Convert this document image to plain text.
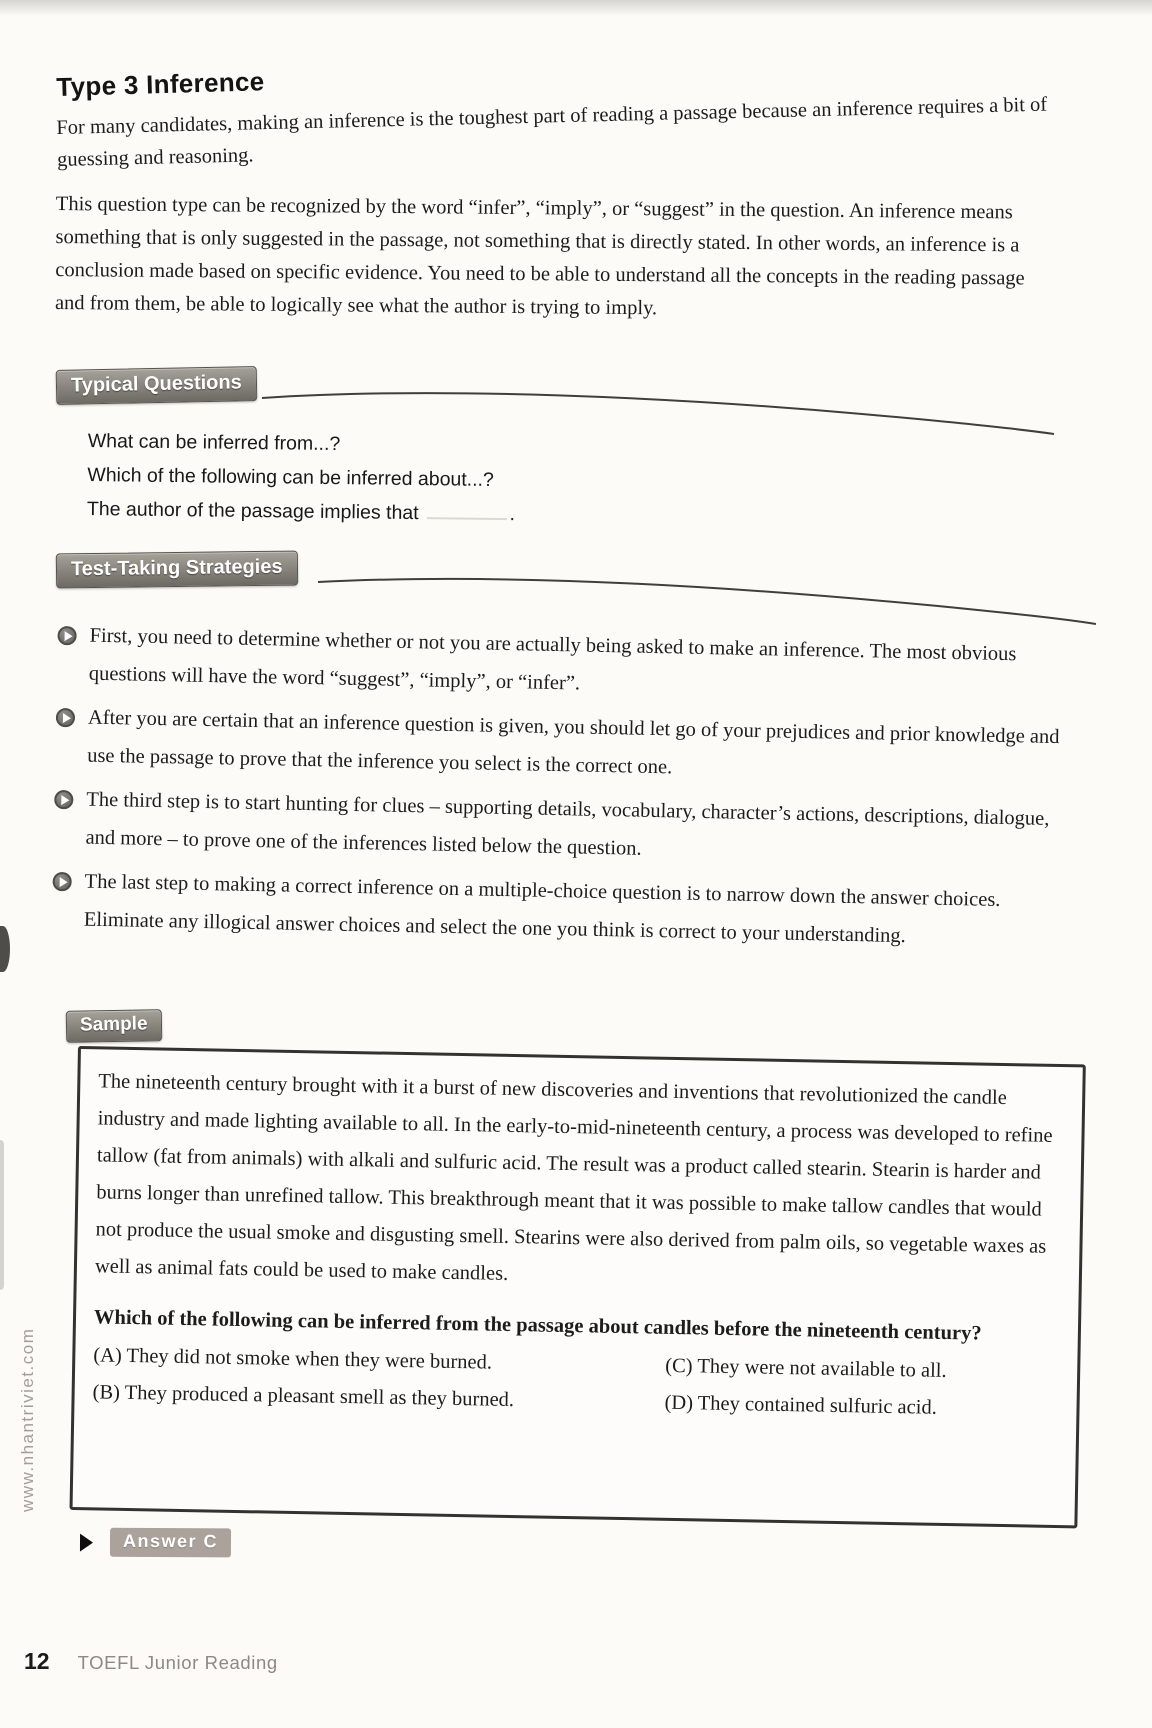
Type 3 Inference
For many candidates, making an inference is the toughest part of reading a passage because an inference requires a bit of guessing and reasoning.
This question type can be recognized by the word “infer”, “imply”, or “suggest” in the question. An inference means something that is only suggested in the passage, not something that is directly stated. In other words, an inference is a conclusion made based on specific evidence. You need to be able to understand all the concepts in the reading passage and from them, be able to logically see what the author is trying to imply.
Typical Questions
What can be inferred from...?
Which of the following can be inferred about...?
The author of the passage implies that	.
Test-Taking Strategies
First, you need to determine whether or not you are actually being asked to make an inference. The most obvious questions will have the word “suggest”, “imply”, or “infer”.
After you are certain that an inference question is given, you should let go of your prejudices and prior knowledge and use the passage to prove that the inference you select is the correct one.
The third step is to start hunting for clues – supporting details, vocabulary, character’s actions, descriptions, dialogue, and more – to prove one of the inferences listed below the question.
The last step to making a correct inference on a multiple-choice question is to narrow down the answer choices. Eliminate any illogical answer choices and select the one you think is correct to your understanding.
Sample
The nineteenth century brought with it a burst of new discoveries and inventions that revolutionized the candle industry and made lighting available to all. In the early-to-mid-nineteenth century, a process was developed to refine tallow (fat from animals) with alkali and sulfuric acid. The result was a product called stearin. Stearin is harder and burns longer than unrefined tallow. This breakthrough meant that it was possible to make tallow candles that would not produce the usual smoke and disgusting smell. Stearins were also derived from palm oils, so vegetable waxes as well as animal fats could be used to make candles.
Which of the following can be inferred from the passage about candles before the nineteenth century?
(A) They did not smoke when they were burned.
(B) They produced a pleasant smell as they burned.
(C) They were not available to all.
(D) They contained sulfuric acid.
Answer C
12 TOEFL Junior Reading
www.nhantriviet.com
